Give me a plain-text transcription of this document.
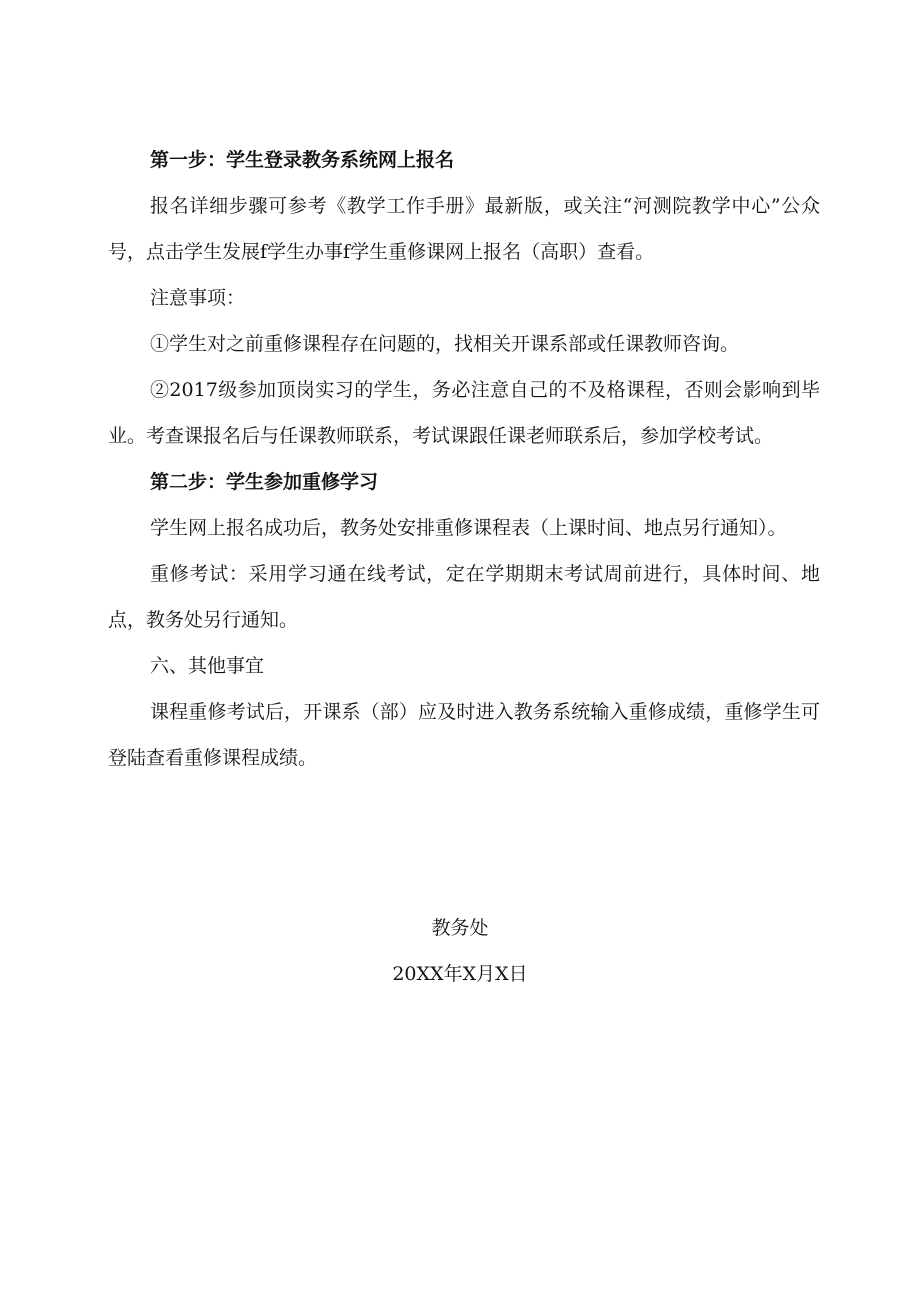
第一步：学生登录教务系统网上报名

报名详细步骤可参考《教学工作手册》最新版，或关注“河测院教学中心”公众号，点击学生发展f学生办事f学生重修课网上报名（高职）查看。

注意事项：

①学生对之前重修课程存在问题的，找相关开课系部或任课教师咨询。

②2017级参加顶岗实习的学生，务必注意自己的不及格课程，否则会影响到毕业。考查课报名后与任课教师联系，考试课跟任课老师联系后，参加学校考试。

第二步：学生参加重修学习

学生网上报名成功后，教务处安排重修课程表（上课时间、地点另行通知）。

重修考试：采用学习通在线考试，定在学期期末考试周前进行，具体时间、地点，教务处另行通知。

六、其他事宜

课程重修考试后，开课系（部）应及时进入教务系统输入重修成绩，重修学生可登陆查看重修课程成绩。

教务处

20XX年X月X日
